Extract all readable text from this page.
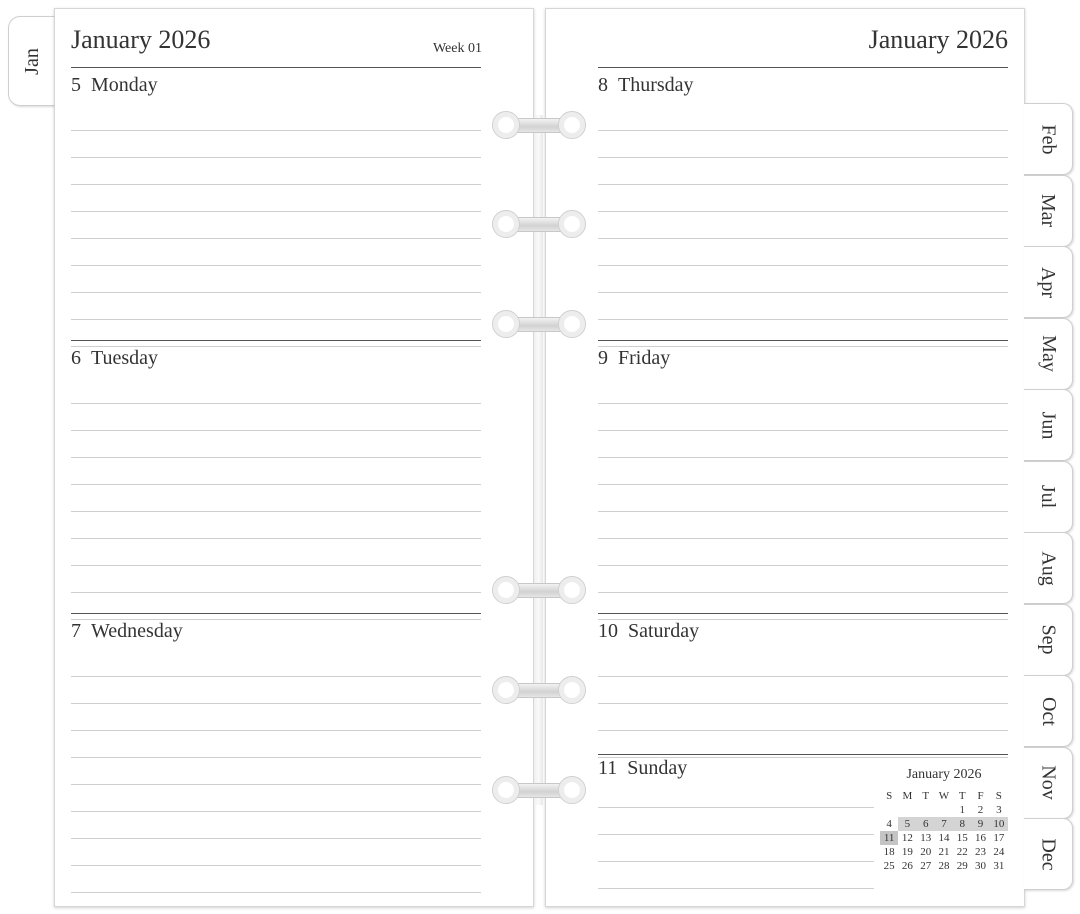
Jan
January 2026	Week 01
5 Monday
6 Tuesday
7 Wednesday
January 2026
8 Thursday
9 Friday
10 Saturday
11 Sunday	January 2026
S	M	T	W	T	F	S
				1	2	3
4	5	6	7	8	9	10
11	12	13	14	15	16	17
18	19	20	21	22	23	24
25	26	27	28	29	30	31
Feb
Mar
Apr
May
Jun
Jul
Aug
Sep
Oct
Nov
Dec
